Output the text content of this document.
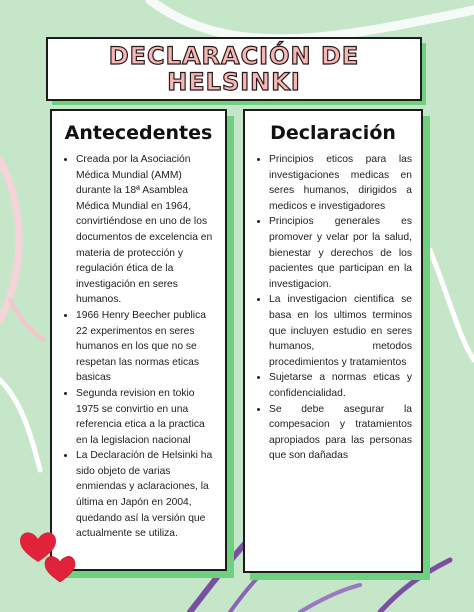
DECLARACIÓN DE
HELSINKI
Antecedentes
• Creada por la Asociación Médica Mundial (AMM) durante la 18ª Asamblea Médica Mundial en 1964, convirtiéndose en uno de los documentos de excelencia en materia de protección y regulación ética de la investigación en seres humanos.
• 1966 Henry Beecher publica 22 experimentos en seres humanos en los que no se respetan las normas eticas basicas
• Segunda revision en tokio 1975 se convirtio en una referencia etica a la practica en la legislacion nacional
• La Declaración de Helsinki ha sido objeto de varias enmiendas y aclaraciones, la última en Japón en 2004, quedando así la versión que actualmente se utiliza.
Declaración
• Principios eticos para las investigaciones medicas en seres humanos, dirigidos a medicos e investigadores
• Principios generales es promover y velar por la salud, bienestar y derechos de los pacientes que participan en la investigacion.
• La investigacion cientifica se basa en los ultimos terminos que incluyen estudio en seres humanos, metodos procedimientos y tratamientos
• Sujetarse a normas eticas y confidencialidad.
• Se debe asegurar la compesacion y tratamientos apropiados para las personas que son dañadas
